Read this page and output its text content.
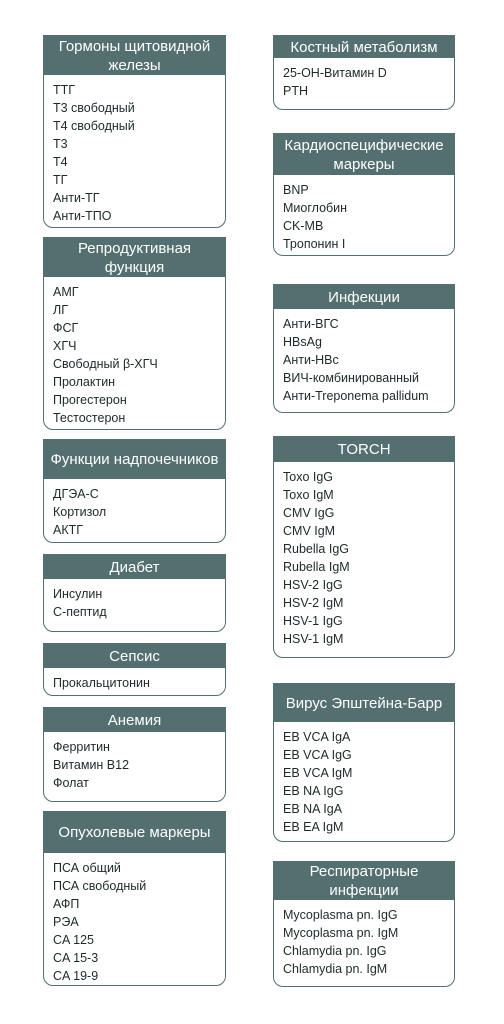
Гормоны щитовидной железы
ТТГ
Т3 свободный
Т4 свободный
Т3
Т4
ТГ
Анти-ТГ
Анти-ТПО
Репродуктивная функция
АМГ
ЛГ
ФСГ
ХГЧ
Свободный β-ХГЧ
Пролактин
Прогестерон
Тестостерон
Функции надпочечников
ДГЭА-С
Кортизол
АКТГ
Диабет
Инсулин
С-пептид
Сепсис
Прокальцитонин
Анемия
Ферритин
Витамин B12
Фолат
Опухолевые маркеры
ПСА общий
ПСА свободный
АФП
РЭА
CA 125
CA 15-3
CA 19-9
Костный метаболизм
25-OH-Витамин D
PTH
Кардиоспецифические маркеры
BNP
Миоглобин
CK-MB
Тропонин I
Инфекции
Анти-ВГС
HBsAg
Анти-HBc
ВИЧ-комбинированный
Анти-Treponema pallidum
TORCH
Toxo IgG
Toxo IgM
CMV IgG
CMV IgM
Rubella IgG
Rubella IgM
HSV-2 IgG
HSV-2 IgM
HSV-1 IgG
HSV-1 IgM
Вирус Эпштейна-Барр
EB VCA IgA
EB VCA IgG
EB VCA IgM
EB NA IgG
EB NA IgA
EB EA IgM
Респираторные инфекции
Mycoplasma pn. IgG
Mycoplasma pn. IgM
Chlamydia pn. IgG
Chlamydia pn. IgM
